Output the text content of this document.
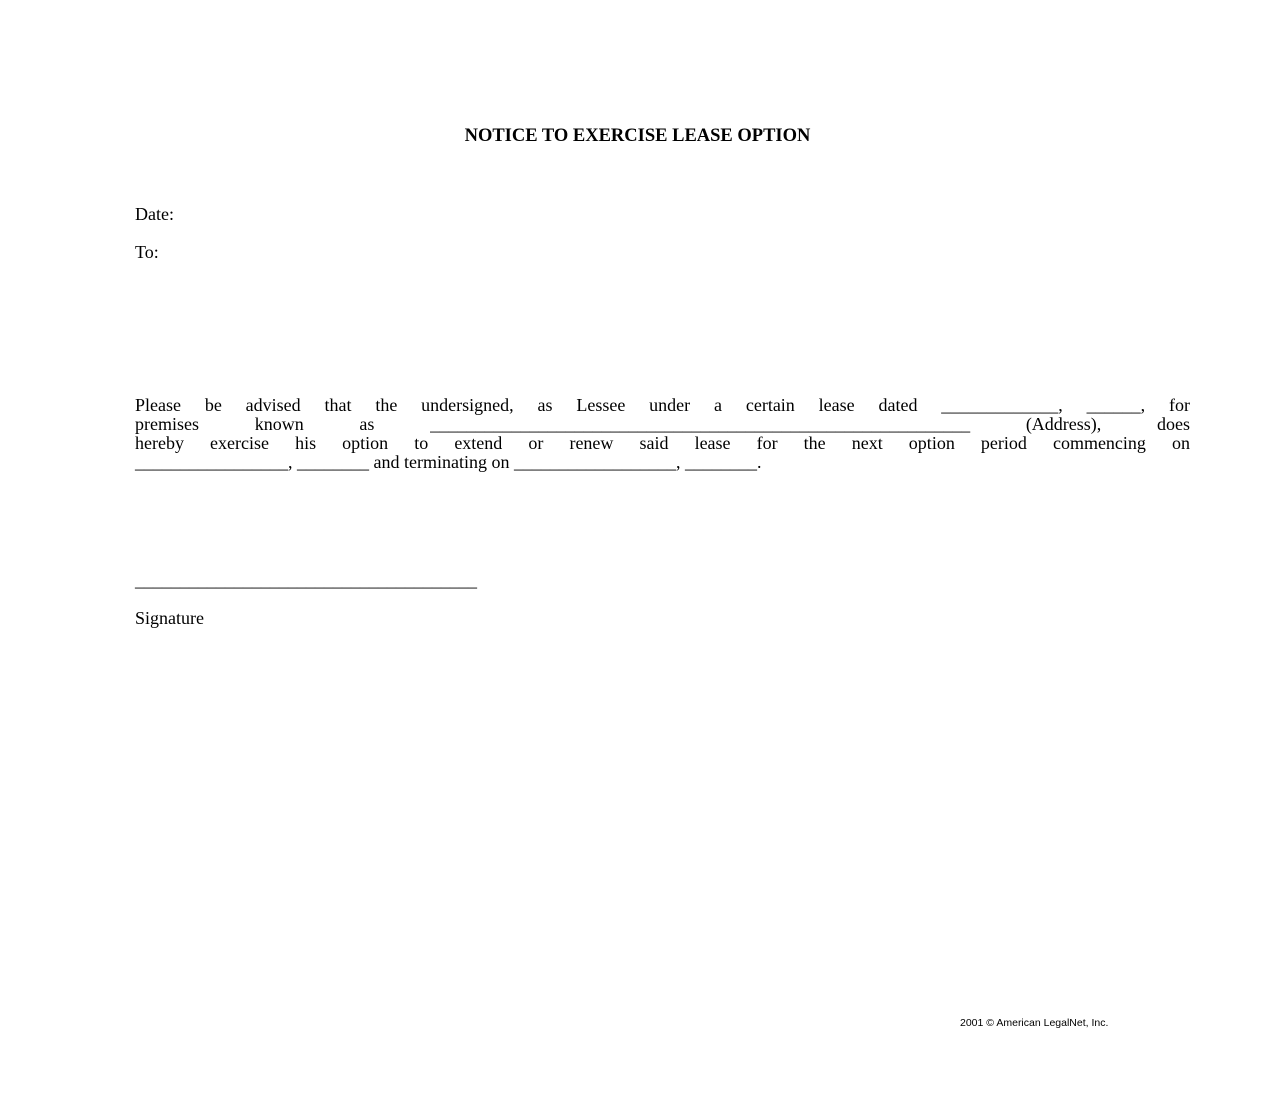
NOTICE TO EXERCISE LEASE OPTION
Date:
To:
Please be advised that the undersigned, as Lessee under a certain lease dated _____________, ______, for
premises known as ____________________________________________________________ (Address), does
hereby exercise his option to extend or renew said lease for the next option period commencing on
_________________, ________ and terminating on __________________, ________.
______________________________________
Signature
2001 © American LegalNet, Inc.
